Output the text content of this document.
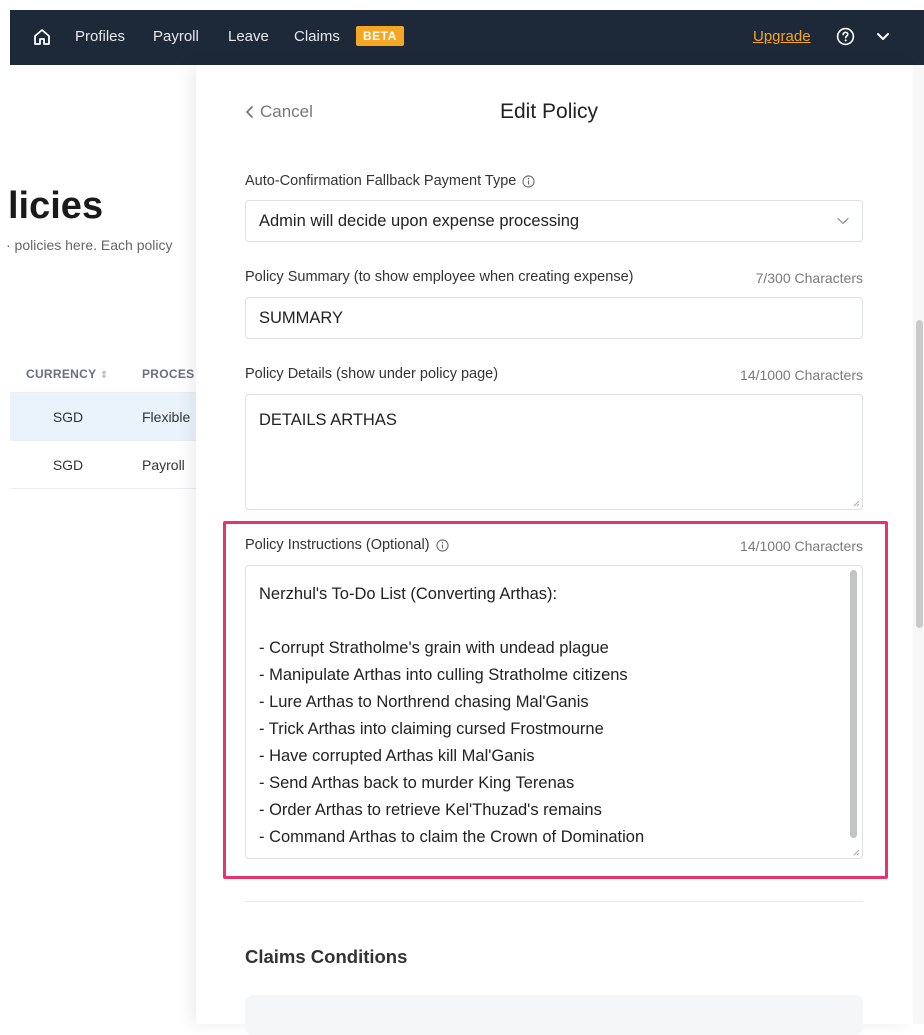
Profiles Payroll Leave Claims	BETA	Upgrade
licies
· policies here. Each policy
CURRENCY ⇕	PROCES
SGD	Flexible
SGD	Payroll
Cancel	Edit Policy
Auto-Confirmation Fallback Payment Type
Admin will decide upon expense processing
Policy Summary (to show employee when creating expense)	7/300 Characters
SUMMARY
Policy Details (show under policy page)	14/1000 Characters
DETAILS ARTHAS
Policy Instructions (Optional)	14/1000 Characters
Nerzhul's To-Do List (Converting Arthas):
- Corrupt Stratholme's grain with undead plague
- Manipulate Arthas into culling Stratholme citizens
- Lure Arthas to Northrend chasing Mal'Ganis
- Trick Arthas into claiming cursed Frostmourne
- Have corrupted Arthas kill Mal'Ganis
- Send Arthas back to murder King Terenas
- Order Arthas to retrieve Kel'Thuzad's remains
- Command Arthas to claim the Crown of Domination
Claims Conditions
